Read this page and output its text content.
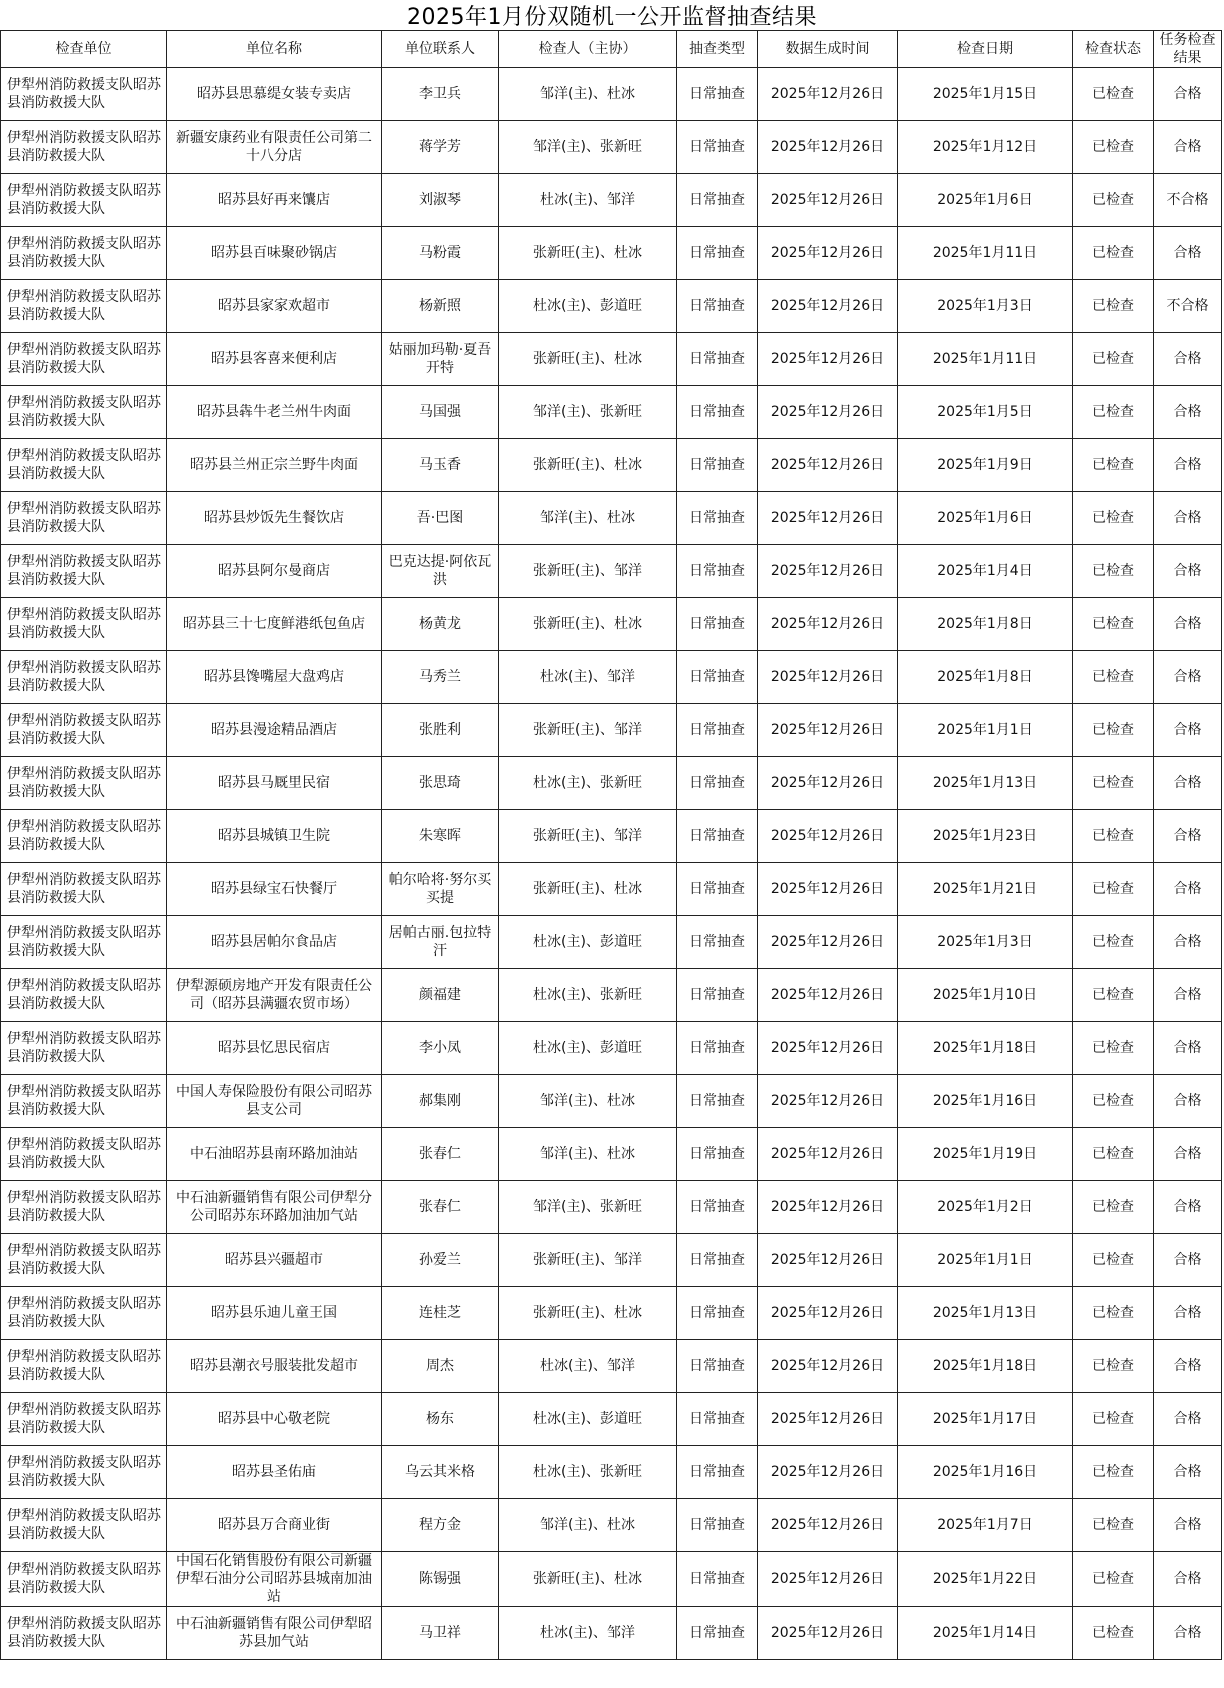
2025年1月份双随机一公开监督抽查结果
检查单位	单位名称	单位联系人	检查人（主协）	抽查类型	数据生成时间	检查日期	检查状态	任务检查结果
伊犁州消防救援支队昭苏县消防救援大队	昭苏县思慕缇女装专卖店	李卫兵	邹洋(主)、杜冰	日常抽查	2025年12月26日	2025年1月15日	已检查	合格
伊犁州消防救援支队昭苏县消防救援大队	新疆安康药业有限责任公司第二十八分店	蒋学芳	邹洋(主)、张新旺	日常抽查	2025年12月26日	2025年1月12日	已检查	合格
伊犁州消防救援支队昭苏县消防救援大队	昭苏县好再来馕店	刘淑琴	杜冰(主)、邹洋	日常抽查	2025年12月26日	2025年1月6日	已检查	不合格
伊犁州消防救援支队昭苏县消防救援大队	昭苏县百味聚砂锅店	马粉霞	张新旺(主)、杜冰	日常抽查	2025年12月26日	2025年1月11日	已检查	合格
伊犁州消防救援支队昭苏县消防救援大队	昭苏县家家欢超市	杨新照	杜冰(主)、彭道旺	日常抽查	2025年12月26日	2025年1月3日	已检查	不合格
伊犁州消防救援支队昭苏县消防救援大队	昭苏县客喜来便利店	姑丽加玛勒·夏吾开特	张新旺(主)、杜冰	日常抽查	2025年12月26日	2025年1月11日	已检查	合格
伊犁州消防救援支队昭苏县消防救援大队	昭苏县犇牛老兰州牛肉面	马国强	邹洋(主)、张新旺	日常抽查	2025年12月26日	2025年1月5日	已检查	合格
伊犁州消防救援支队昭苏县消防救援大队	昭苏县兰州正宗兰野牛肉面	马玉香	张新旺(主)、杜冰	日常抽查	2025年12月26日	2025年1月9日	已检查	合格
伊犁州消防救援支队昭苏县消防救援大队	昭苏县炒饭先生餐饮店	吾·巴图	邹洋(主)、杜冰	日常抽查	2025年12月26日	2025年1月6日	已检查	合格
伊犁州消防救援支队昭苏县消防救援大队	昭苏县阿尔曼商店	巴克达提·阿依瓦洪	张新旺(主)、邹洋	日常抽查	2025年12月26日	2025年1月4日	已检查	合格
伊犁州消防救援支队昭苏县消防救援大队	昭苏县三十七度鲜港纸包鱼店	杨黄龙	张新旺(主)、杜冰	日常抽查	2025年12月26日	2025年1月8日	已检查	合格
伊犁州消防救援支队昭苏县消防救援大队	昭苏县馋嘴屋大盘鸡店	马秀兰	杜冰(主)、邹洋	日常抽查	2025年12月26日	2025年1月8日	已检查	合格
伊犁州消防救援支队昭苏县消防救援大队	昭苏县漫途精品酒店	张胜利	张新旺(主)、邹洋	日常抽查	2025年12月26日	2025年1月1日	已检查	合格
伊犁州消防救援支队昭苏县消防救援大队	昭苏县马厩里民宿	张思琦	杜冰(主)、张新旺	日常抽查	2025年12月26日	2025年1月13日	已检查	合格
伊犁州消防救援支队昭苏县消防救援大队	昭苏县城镇卫生院	朱寒晖	张新旺(主)、邹洋	日常抽查	2025年12月26日	2025年1月23日	已检查	合格
伊犁州消防救援支队昭苏县消防救援大队	昭苏县绿宝石快餐厅	帕尔哈将·努尔买买提	张新旺(主)、杜冰	日常抽查	2025年12月26日	2025年1月21日	已检查	合格
伊犁州消防救援支队昭苏县消防救援大队	昭苏县居帕尔食品店	居帕古丽.包拉特汗	杜冰(主)、彭道旺	日常抽查	2025年12月26日	2025年1月3日	已检查	合格
伊犁州消防救援支队昭苏县消防救援大队	伊犁源硕房地产开发有限责任公司（昭苏县满疆农贸市场）	颜福建	杜冰(主)、张新旺	日常抽查	2025年12月26日	2025年1月10日	已检查	合格
伊犁州消防救援支队昭苏县消防救援大队	昭苏县忆思民宿店	李小凤	杜冰(主)、彭道旺	日常抽查	2025年12月26日	2025年1月18日	已检查	合格
伊犁州消防救援支队昭苏县消防救援大队	中国人寿保险股份有限公司昭苏县支公司	郝集刚	邹洋(主)、杜冰	日常抽查	2025年12月26日	2025年1月16日	已检查	合格
伊犁州消防救援支队昭苏县消防救援大队	中石油昭苏县南环路加油站	张春仁	邹洋(主)、杜冰	日常抽查	2025年12月26日	2025年1月19日	已检查	合格
伊犁州消防救援支队昭苏县消防救援大队	中石油新疆销售有限公司伊犁分公司昭苏东环路加油加气站	张春仁	邹洋(主)、张新旺	日常抽查	2025年12月26日	2025年1月2日	已检查	合格
伊犁州消防救援支队昭苏县消防救援大队	昭苏县兴疆超市	孙爱兰	张新旺(主)、邹洋	日常抽查	2025年12月26日	2025年1月1日	已检查	合格
伊犁州消防救援支队昭苏县消防救援大队	昭苏县乐迪儿童王国	连桂芝	张新旺(主)、杜冰	日常抽查	2025年12月26日	2025年1月13日	已检查	合格
伊犁州消防救援支队昭苏县消防救援大队	昭苏县潮衣号服装批发超市	周杰	杜冰(主)、邹洋	日常抽查	2025年12月26日	2025年1月18日	已检查	合格
伊犁州消防救援支队昭苏县消防救援大队	昭苏县中心敬老院	杨东	杜冰(主)、彭道旺	日常抽查	2025年12月26日	2025年1月17日	已检查	合格
伊犁州消防救援支队昭苏县消防救援大队	昭苏县圣佑庙	乌云其米格	杜冰(主)、张新旺	日常抽查	2025年12月26日	2025年1月16日	已检查	合格
伊犁州消防救援支队昭苏县消防救援大队	昭苏县万合商业街	程方金	邹洋(主)、杜冰	日常抽查	2025年12月26日	2025年1月7日	已检查	合格
伊犁州消防救援支队昭苏县消防救援大队	中国石化销售股份有限公司新疆伊犁石油分公司昭苏县城南加油站	陈锡强	张新旺(主)、杜冰	日常抽查	2025年12月26日	2025年1月22日	已检查	合格
伊犁州消防救援支队昭苏县消防救援大队	中石油新疆销售有限公司伊犁昭苏县加气站	马卫祥	杜冰(主)、邹洋	日常抽查	2025年12月26日	2025年1月14日	已检查	合格
